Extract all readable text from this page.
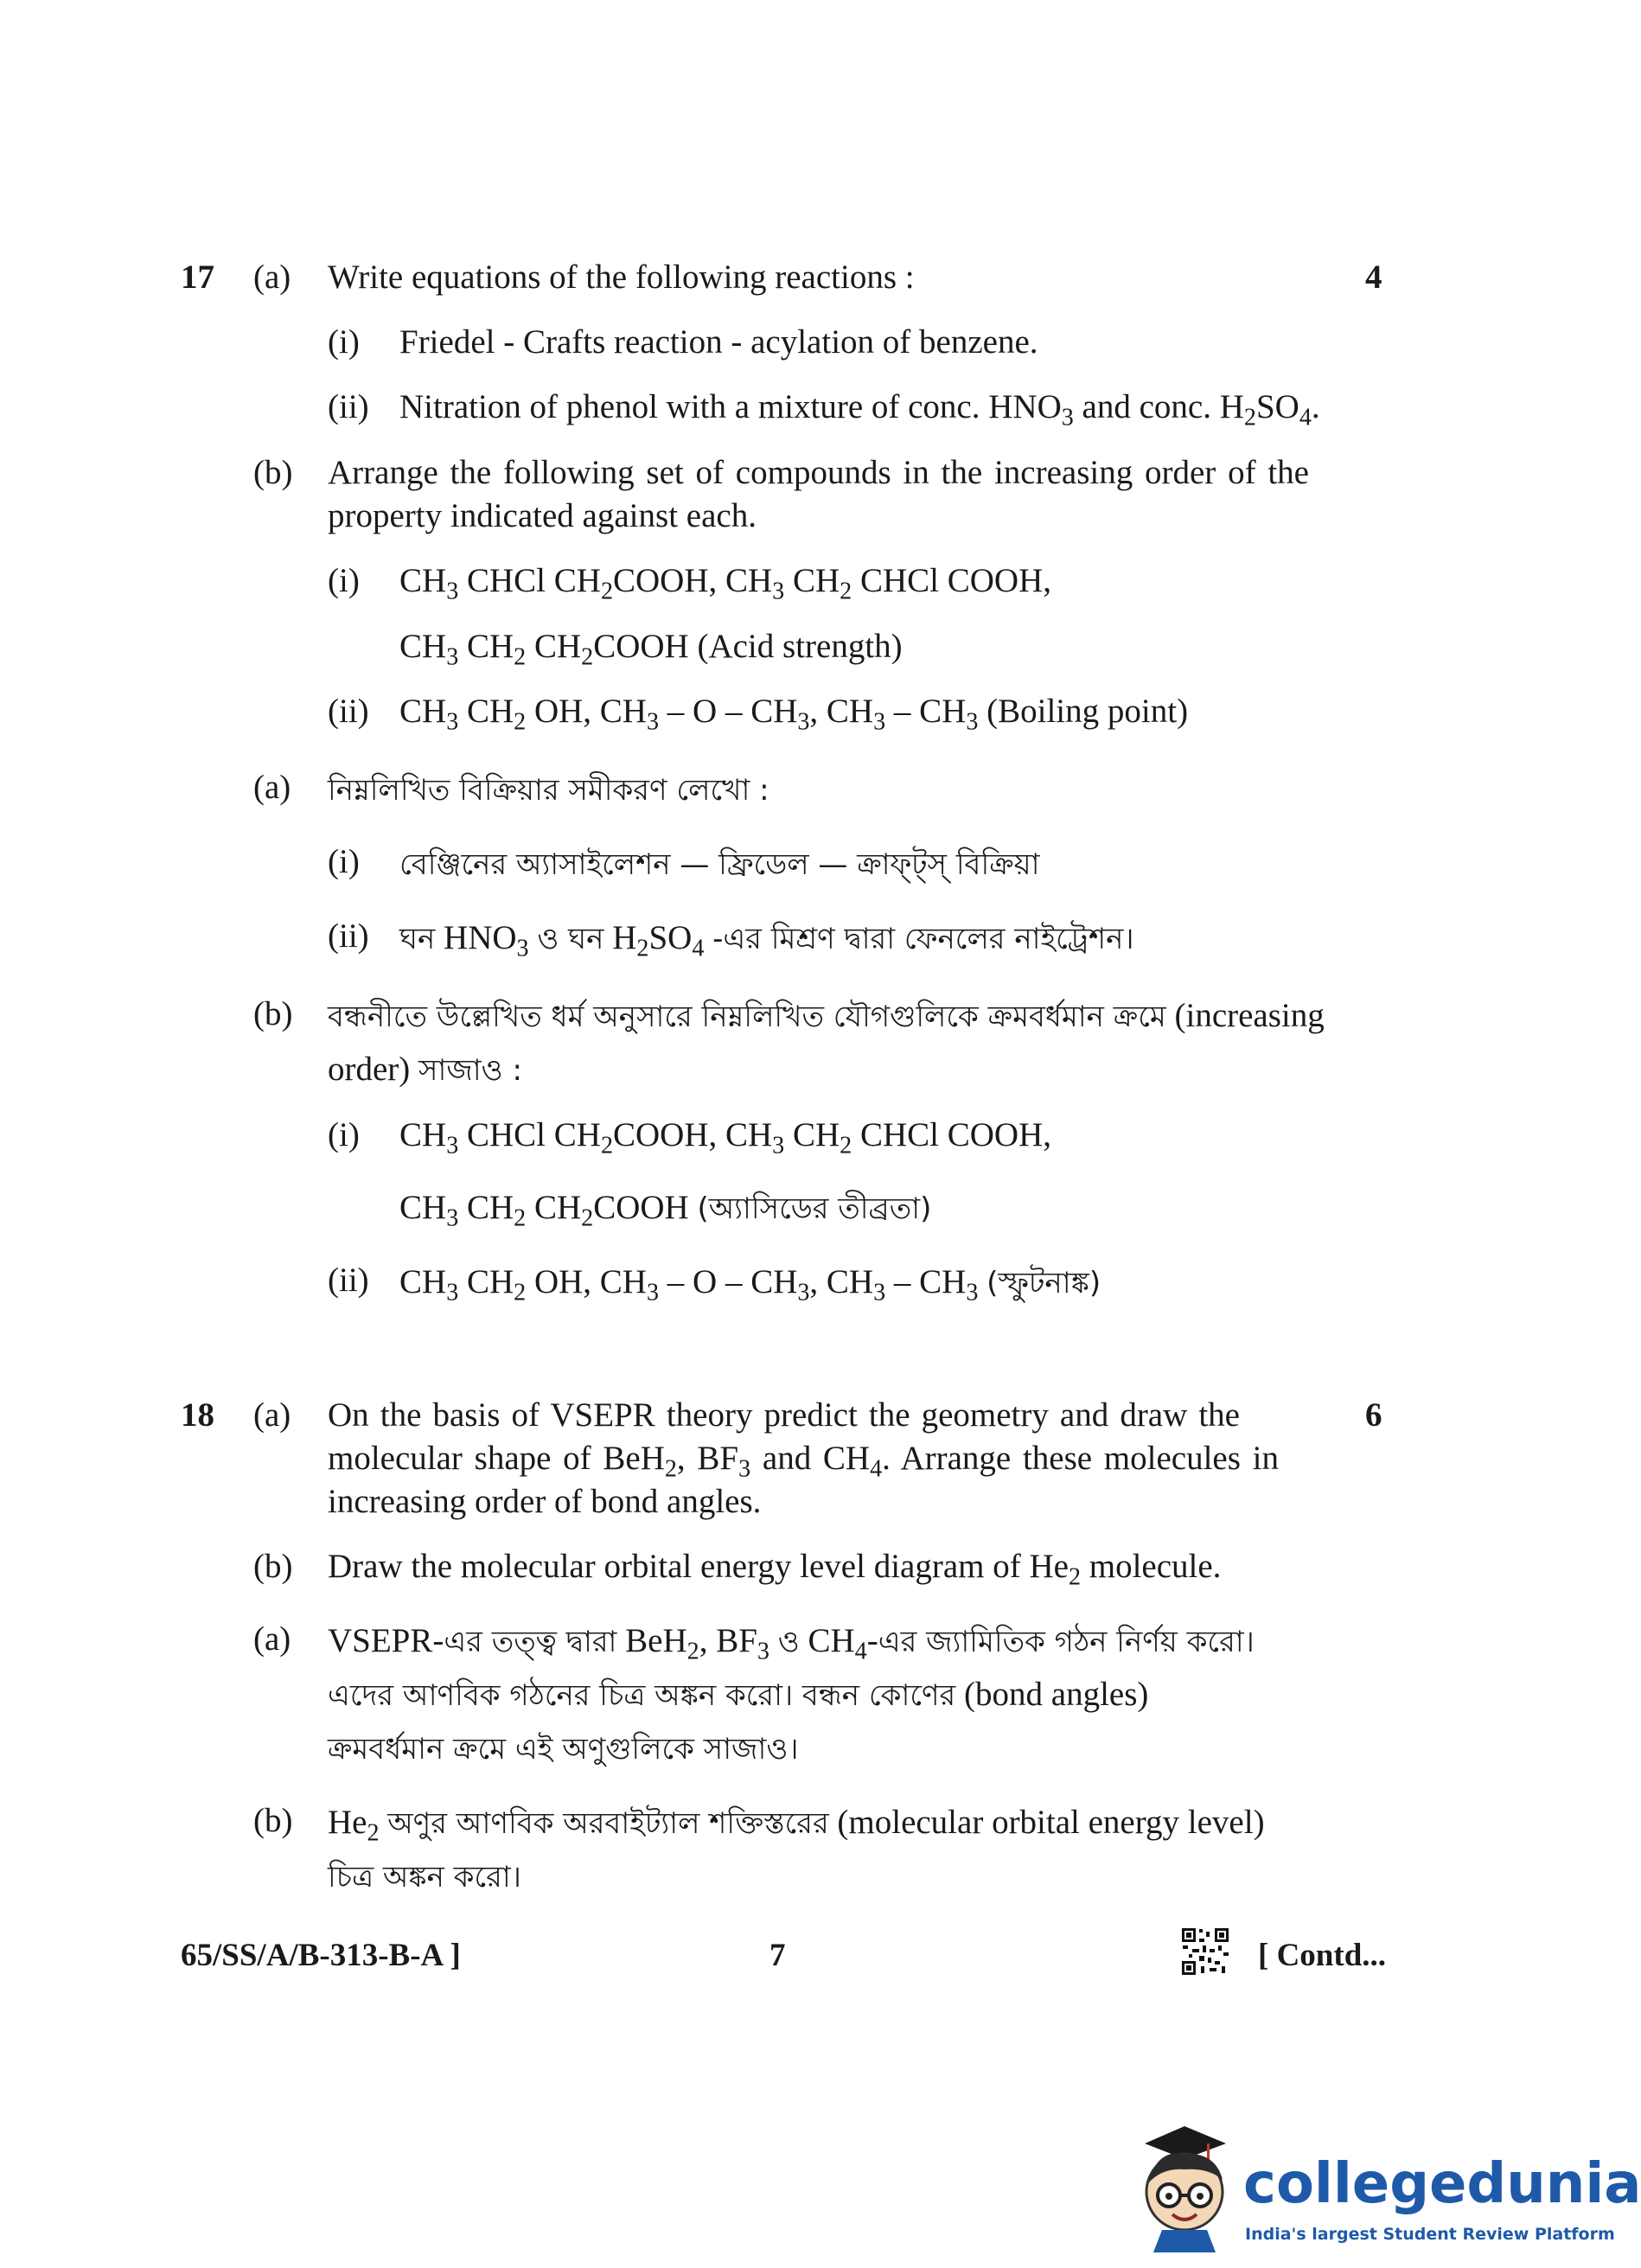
17	4
(a) Write equations of the following reactions :
(i) Friedel - Crafts reaction - acylation of benzene.
(ii) Nitration of phenol with a mixture of conc. $HNO_3$ and conc. $H_2SO_4$.
(b) Arrange the following set of compounds in the increasing order of the
property indicated against each.
(i) $CH_3$ CHCl $CH_2COOH$, $CH_3$ $CH_2$ CHCl COOH,
$CH_3$ $CH_2$ $CH_2COOH$ (Acid strength)
(ii) $CH_3$ $CH_2$ OH, $CH_3$ – O – $CH_3$, $CH_3 - CH_3$ (Boiling point)
(a) নিম্নলিখিত বিক্রিয়ার সমীকরণ লেখো :
(i) বেঞ্জিনের অ্যাসাইলেশন — ফ্রিডেল — ক্রাফ্ট্স্ বিক্রিয়া
(ii) ঘন $HNO_3$ ও ঘন $H_2SO_4$ -এর মিশ্রণ দ্বারা ফেনলের নাইট্রেশন।
(b) বন্ধনীতে উল্লেখিত ধর্ম অনুসারে নিম্নলিখিত যৌগগুলিকে ক্রমবর্ধমান ক্রমে (increasing
order) সাজাও :
(i) $CH_3$ CHCl $CH_2COOH$, $CH_3$ $CH_2$ CHCl COOH,
$CH_3$ $CH_2$ $CH_2COOH$ (অ্যাসিডের তীব্রতা)
(ii) $CH_3$ $CH_2$ OH, $CH_3$ – O – $CH_3$, $CH_3 - CH_3$ (স্ফুটনাঙ্ক)
18	6
(a) On the basis of VSEPR theory predict the geometry and draw the
molecular shape of BeH$_2$, $BF_3$ and $CH_4$. Arrange these molecules in
increasing order of bond angles.
(b) Draw the molecular orbital energy level diagram of $He_2$ molecule.
(a) VSEPR-এর তত্ত্ব দ্বারা BeH$_2$, $BF_3$ ও $CH_4-এর$ জ্যামিতিক গঠন নির্ণয় করো।
এদের আণবিক গঠনের চিত্র অঙ্কন করো। বন্ধন কোণের (bond angles)
ক্রমবর্ধমান ক্রমে এই অণুগুলিকে সাজাও।
(b) $He_2$ অণুর আণবিক অরবাইট্যাল শক্তিস্তরের (molecular orbital energy level)
চিত্র অঙ্কন করো।
65/SS/A/B-313-B-A ]	7	[ Contd...
collegedunia
India's largest Student Review Platform
